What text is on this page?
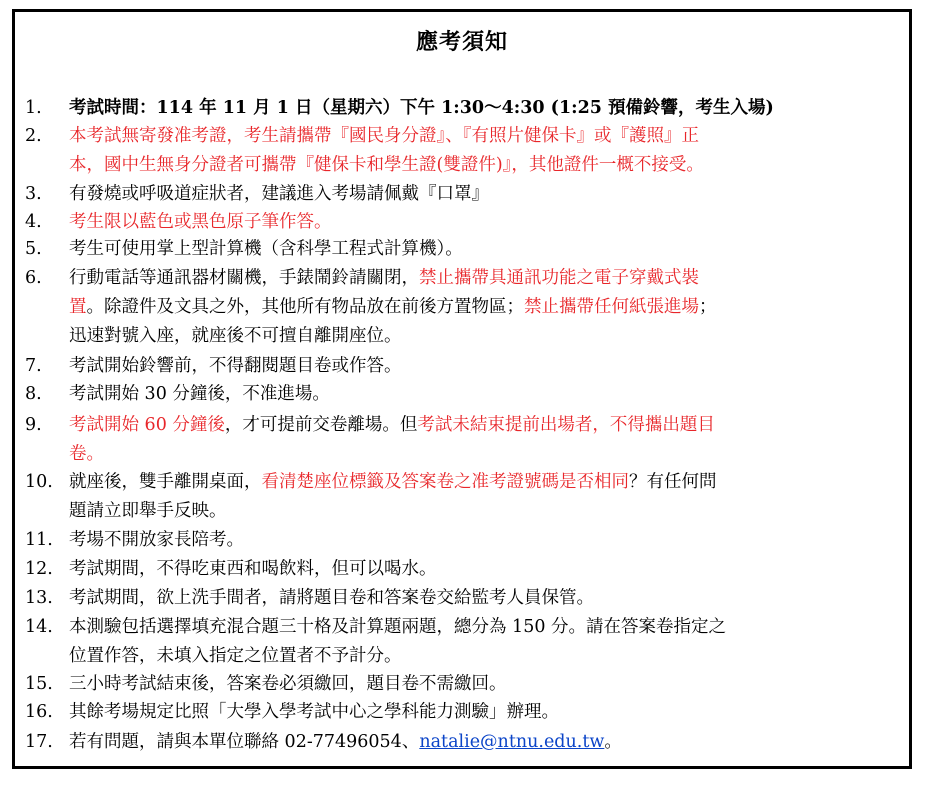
應考須知
1.	考試時間：114 年 11 月 1 日（星期六）下午 1:30～4:30 (1:25 預備鈴響，考生入場)
2.	本考試無寄發准考證，考生請攜帶『國民身分證』、『有照片健保卡』或『護照』正
本，國中生無身分證者可攜帶『健保卡和學生證(雙證件)』，其他證件一概不接受。
3.	有發燒或呼吸道症狀者，建議進入考場請佩戴『口罩』
4.	考生限以藍色或黑色原子筆作答。
5.	考生可使用掌上型計算機（含科學工程式計算機）。
6.	行動電話等通訊器材關機，手錶鬧鈴請關閉，禁止攜帶具通訊功能之電子穿戴式裝
置。除證件及文具之外，其他所有物品放在前後方置物區；禁止攜帶任何紙張進場；
迅速對號入座，就座後不可擅自離開座位。
7.	考試開始鈴響前，不得翻閱題目卷或作答。
8.	考試開始 30 分鐘後，不准進場。
9.	考試開始 60 分鐘後，才可提前交卷離場。但考試未結束提前出場者，不得攜出題目
卷。
10. 就座後，雙手離開桌面，看清楚座位標籤及答案卷之准考證號碼是否相同？有任何問
題請立即舉手反映。
11. 考場不開放家長陪考。
12. 考試期間，不得吃東西和喝飲料，但可以喝水。
13. 考試期間，欲上洗手間者，請將題目卷和答案卷交給監考人員保管。
14. 本測驗包括選擇填充混合題三十格及計算題兩題，總分為 150 分。請在答案卷指定之
位置作答，未填入指定之位置者不予計分。
15. 三小時考試結束後，答案卷必須繳回，題目卷不需繳回。
16. 其餘考場規定比照「大學入學考試中心之學科能力測驗」辦理。
17. 若有問題，請與本單位聯絡 02-77496054、natalie@ntnu.edu.tw。
